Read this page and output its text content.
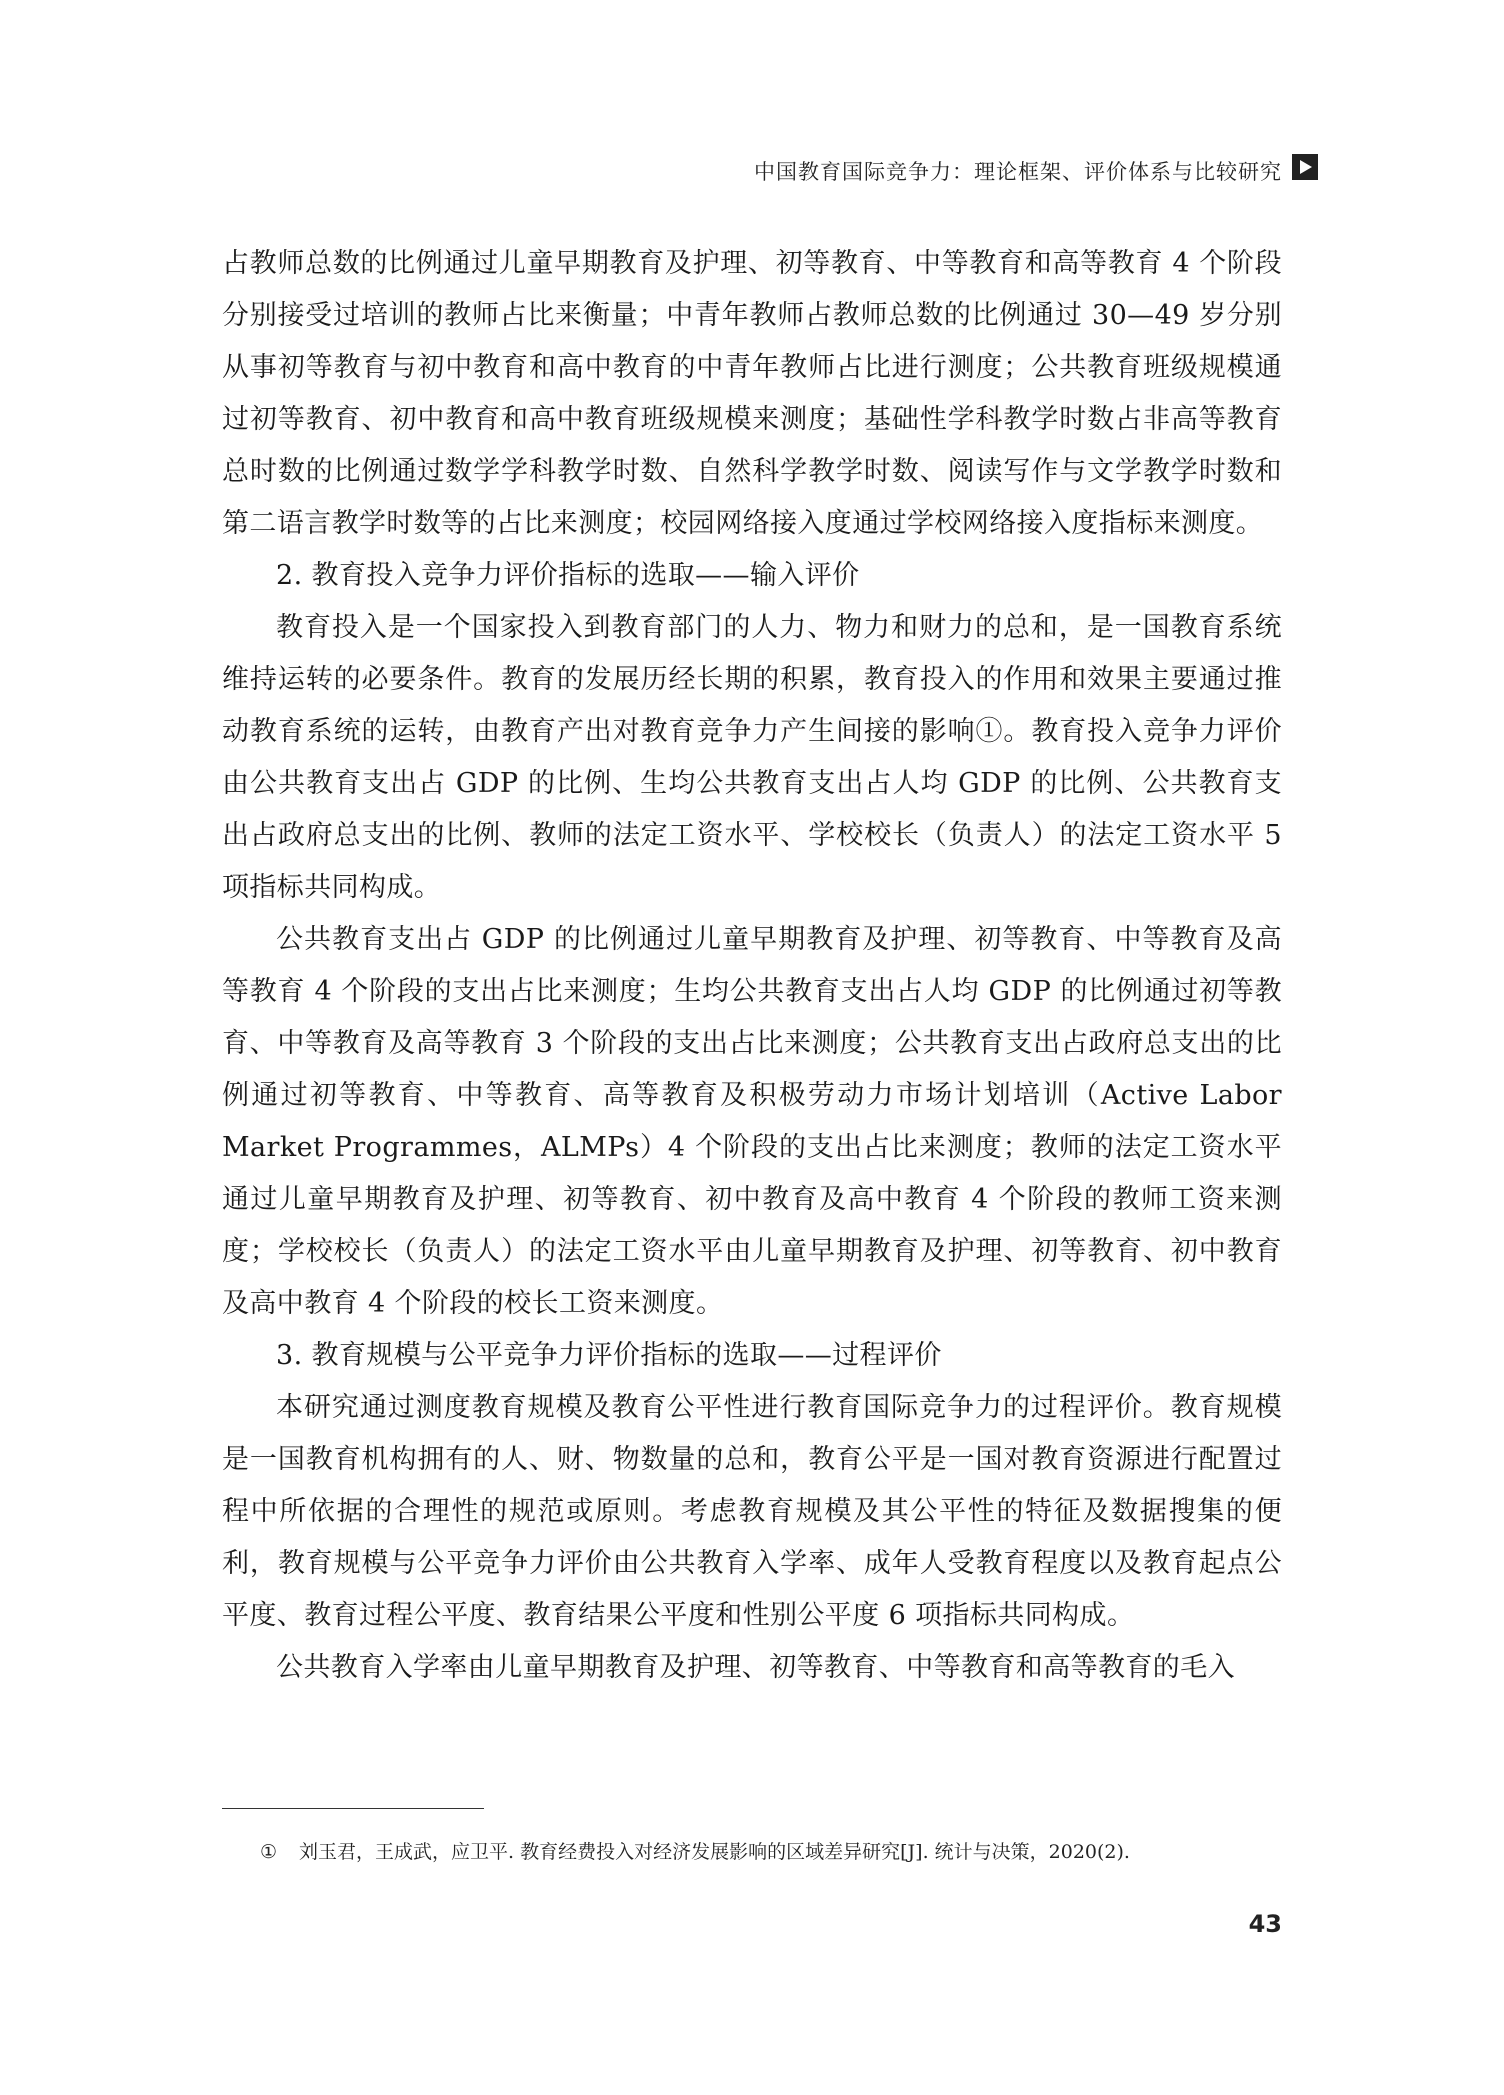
中国教育国际竞争力：理论框架、评价体系与比较研究

占教师总数的比例通过儿童早期教育及护理、初等教育、中等教育和高等教育 4 个阶段分别接受过培训的教师占比来衡量；中青年教师占教师总数的比例通过 30—49 岁分别从事初等教育与初中教育和高中教育的中青年教师占比进行测度；公共教育班级规模通过初等教育、初中教育和高中教育班级规模来测度；基础性学科教学时数占非高等教育总时数的比例通过数学学科教学时数、自然科学教学时数、阅读写作与文学教学时数和第二语言教学时数等的占比来测度；校园网络接入度通过学校网络接入度指标来测度。

2. 教育投入竞争力评价指标的选取——输入评价

教育投入是一个国家投入到教育部门的人力、物力和财力的总和，是一国教育系统维持运转的必要条件。教育的发展历经长期的积累，教育投入的作用和效果主要通过推动教育系统的运转，由教育产出对教育竞争力产生间接的影响①。教育投入竞争力评价由公共教育支出占 GDP 的比例、生均公共教育支出占人均 GDP 的比例、公共教育支出占政府总支出的比例、教师的法定工资水平、学校校长（负责人）的法定工资水平 5 项指标共同构成。

公共教育支出占 GDP 的比例通过儿童早期教育及护理、初等教育、中等教育及高等教育 4 个阶段的支出占比来测度；生均公共教育支出占人均 GDP 的比例通过初等教育、中等教育及高等教育 3 个阶段的支出占比来测度；公共教育支出占政府总支出的比例通过初等教育、中等教育、高等教育及积极劳动力市场计划培训（Active Labor Market Programmes，ALMPs）4 个阶段的支出占比来测度；教师的法定工资水平通过儿童早期教育及护理、初等教育、初中教育及高中教育 4 个阶段的教师工资来测度；学校校长（负责人）的法定工资水平由儿童早期教育及护理、初等教育、初中教育及高中教育 4 个阶段的校长工资来测度。

3. 教育规模与公平竞争力评价指标的选取——过程评价

本研究通过测度教育规模及教育公平性进行教育国际竞争力的过程评价。教育规模是一国教育机构拥有的人、财、物数量的总和，教育公平是一国对教育资源进行配置过程中所依据的合理性的规范或原则。考虑教育规模及其公平性的特征及数据搜集的便利，教育规模与公平竞争力评价由公共教育入学率、成年人受教育程度以及教育起点公平度、教育过程公平度、教育结果公平度和性别公平度 6 项指标共同构成。

公共教育入学率由儿童早期教育及护理、初等教育、中等教育和高等教育的毛入

① 刘玉君，王成武，应卫平. 教育经费投入对经济发展影响的区域差异研究[J]. 统计与决策，2020(2).
43
